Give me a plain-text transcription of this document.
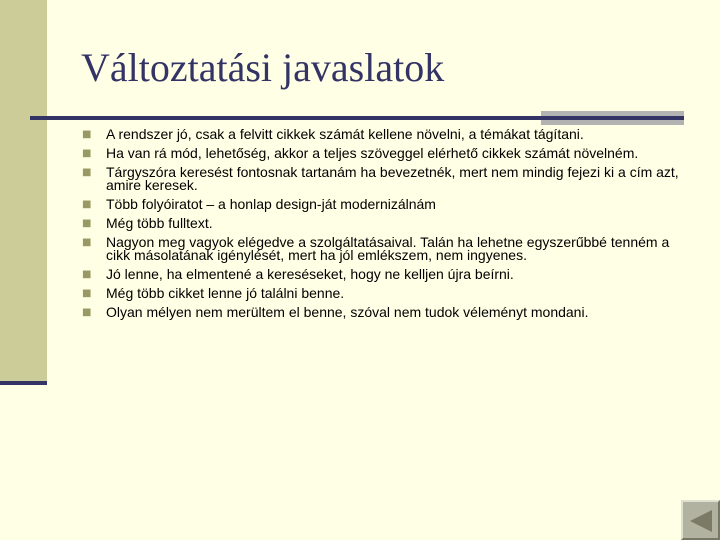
Változtatási javaslatok
■ A rendszer jó, csak a felvitt cikkek számát kellene növelni, a témákat tágítani.
■ Ha van rá mód, lehetőség, akkor a teljes szöveggel elérhető cikkek számát növelném.
■ Tárgyszóra keresést fontosnak tartanám ha bevezetnék, mert nem mindig fejezi ki a cím azt, amire keresek.
■ Több folyóiratot – a honlap design-ját modernizálnám
■ Még több fulltext.
■ Nagyon meg vagyok elégedve a szolgáltatásaival. Talán ha lehetne egyszerűbbé tenném a cikk másolatának igénylését, mert ha jól emlékszem, nem ingyenes.
■ Jó lenne, ha elmentené a kereséseket, hogy ne kelljen újra beírni.
■ Még több cikket lenne jó találni benne.
■ Olyan mélyen nem merültem el benne, szóval nem tudok véleményt mondani.
